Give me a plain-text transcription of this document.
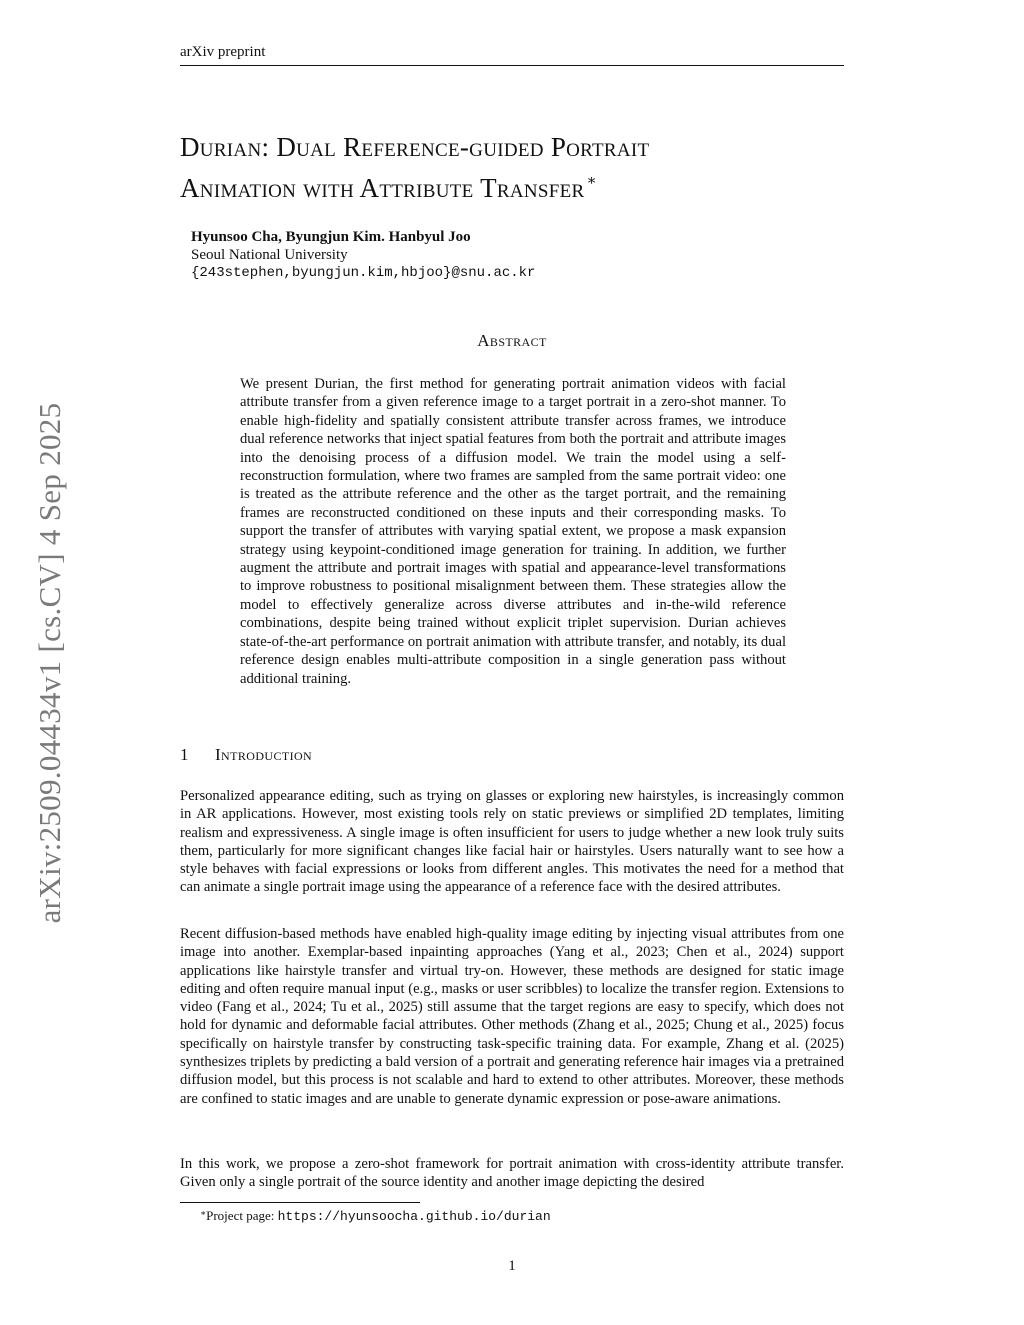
arXiv preprint
arXiv:2509.04434v1 [cs.CV] 4 Sep 2025
Durian: Dual Reference-guided Portrait
Animation with Attribute Transfer ∗
Hyunsoo Cha, Byungjun Kim. Hanbyul Joo
Seoul National University
{243stephen,byungjun.kim,hbjoo}@snu.ac.kr
Abstract
We present Durian, the first method for generating portrait animation videos with facial attribute transfer from a given reference image to a target portrait in a zero-shot manner. To enable high-fidelity and spatially consistent attribute transfer across frames, we introduce dual reference networks that inject spatial features from both the portrait and attribute images into the denoising process of a diffusion model. We train the model using a self-reconstruction formulation, where two frames are sampled from the same portrait video: one is treated as the attribute reference and the other as the target portrait, and the remaining frames are reconstructed conditioned on these inputs and their corresponding masks. To support the transfer of attributes with varying spatial extent, we propose a mask expansion strategy using keypoint-conditioned image generation for training. In addition, we further augment the attribute and portrait images with spatial and appearance-level transformations to improve robustness to positional misalignment between them. These strategies allow the model to effectively generalize across diverse attributes and in-the-wild reference combinations, despite being trained without explicit triplet supervision. Durian achieves state-of-the-art performance on portrait animation with attribute transfer, and notably, its dual reference design enables multi-attribute composition in a single generation pass without additional training.
1 Introduction

Personalized appearance editing, such as trying on glasses or exploring new hairstyles, is increasingly common in AR applications. However, most existing tools rely on static previews or simplified 2D templates, limiting realism and expressiveness. A single image is often insufficient for users to judge whether a new look truly suits them, particularly for more significant changes like facial hair or hairstyles. Users naturally want to see how a style behaves with facial expressions or looks from different angles. This motivates the need for a method that can animate a single portrait image using the appearance of a reference face with the desired attributes.

Recent diffusion-based methods have enabled high-quality image editing by injecting visual attributes from one image into another. Exemplar-based inpainting approaches (Yang et al., 2023; Chen et al., 2024) support applications like hairstyle transfer and virtual try-on. However, these methods are designed for static image editing and often require manual input (e.g., masks or user scribbles) to localize the transfer region. Extensions to video (Fang et al., 2024; Tu et al., 2025) still assume that the target regions are easy to specify, which does not hold for dynamic and deformable facial attributes. Other methods (Zhang et al., 2025; Chung et al., 2025) focus specifically on hairstyle transfer by constructing task-specific training data. For example, Zhang et al. (2025) synthesizes triplets by predicting a bald version of a portrait and generating reference hair images via a pretrained diffusion model, but this process is not scalable and hard to extend to other attributes. Moreover, these methods are confined to static images and are unable to generate dynamic expression or pose-aware animations.

In this work, we propose a zero-shot framework for portrait animation with cross-identity attribute transfer. Given only a single portrait of the source identity and another image depicting the desired

∗Project page: https://hyunsoocha.github.io/durian
1
